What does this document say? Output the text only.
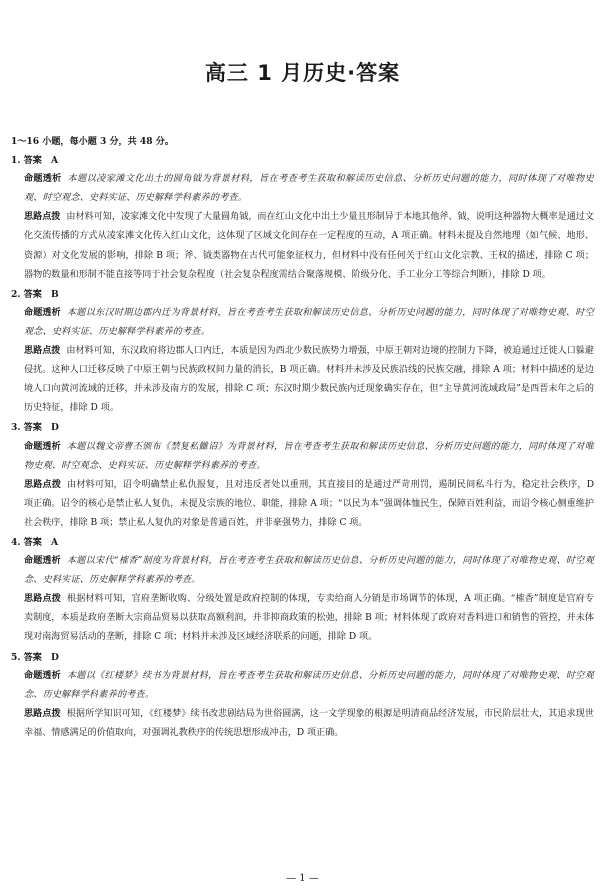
高三 1 月历史·答案
1～16 小题，每小题 3 分，共 48 分。
1. 答案　A

命题透析 本题以凌家滩文化出土的圆角钺为背景材料，旨在考查考生获取和解读历史信息、分析历史问题的能力，同时体现了对唯物史观、时空观念、史料实证、历史解释学科素养的考查。

思路点拨 由材料可知，凌家滩文化中发现了大量圆角钺，而在红山文化中出土少量且形制异于本地其他斧、钺，说明这种器物大概率是通过文化交流传播的方式从凌家滩文化传入红山文化，这体现了区域文化间存在一定程度的互动，A 项正确。材料未提及自然地理（如气候、地形、资源）对文化发展的影响，排除 B 项；斧、钺类器物在古代可能象征权力，但材料中没有任何关于红山文化宗教、王权的描述，排除 C 项；器物的数量和形制不能直接等同于社会复杂程度（社会复杂程度需结合聚落规模、阶级分化、手工业分工等综合判断），排除 D 项。

2. 答案　B

命题透析 本题以东汉时期边郡内迁为背景材料，旨在考查考生获取和解读历史信息、分析历史问题的能力，同时体现了对唯物史观、时空观念、史料实证、历史解释学科素养的考查。

思路点拨 由材料可知，东汉政府将边郡人口内迁，本质是因为西北少数民族势力增强，中原王朝对边境的控制力下降，被迫通过迁徙人口躲避侵扰。这种人口迁移反映了中原王朝与民族政权间力量的消长，B 项正确。材料并未涉及民族沿线的民族交融，排除 A 项；材料中描述的是边境人口向黄河流域的迁移，并未涉及南方的发展，排除 C 项；东汉时期少数民族内迁现象确实存在，但“主导黄河流域政局”是西晋末年之后的历史特征，排除 D 项。

3. 答案　D

命题透析 本题以魏文帝曹丕颁布《禁复私雠诏》为背景材料，旨在考查考生获取和解读历史信息、分析历史问题的能力，同时体现了对唯物史观、时空观念、史料实证、历史解释学科素养的考查。

思路点拨 由材料可知，诏令明确禁止私仇报复，且对违反者处以重刑，其直接目的是通过严苛刑罚，遏制民间私斗行为，稳定社会秩序，D 项正确。诏令的核心是禁止私人复仇，未提及宗族的地位、职能，排除 A 项；“以民为本”强调体恤民生，保障百姓利益，而诏令核心侧重维护社会秩序，排除 B 项；禁止私人复仇的对象是普通百姓，并非豪强势力，排除 C 项。

4. 答案　A

命题透析 本题以宋代“榷香”制度为背景材料，旨在考查考生获取和解读历史信息、分析历史问题的能力，同时体现了对唯物史观、时空观念、史料实证、历史解释学科素养的考查。

思路点拨 根据材料可知，官府垄断收购、分级处置是政府控制的体现，专卖给商人分销是市场调节的体现，A 项正确。“榷香”制度是官府专卖制度，本质是政府垄断大宗商品贸易以获取高额利润，并非抑商政策的松弛，排除 B 项；材料体现了政府对香料进口和销售的管控，并未体现对南海贸易活动的垄断，排除 C 项；材料并未涉及区域经济联系的问题，排除 D 项。

5. 答案　D

命题透析 本题以《红楼梦》续书为背景材料，旨在考查考生获取和解读历史信息、分析历史问题的能力，同时体现了对唯物史观、时空观念、历史解释学科素养的考查。

思路点拨 根据所学知识可知，《红楼梦》续书改悲剧结局为世俗圆满，这一文学现象的根源是明清商品经济发展，市民阶层壮大，其追求现世幸福、情感满足的价值取向，对强调礼教秩序的传统思想形成冲击，D 项正确。

— 1 —
